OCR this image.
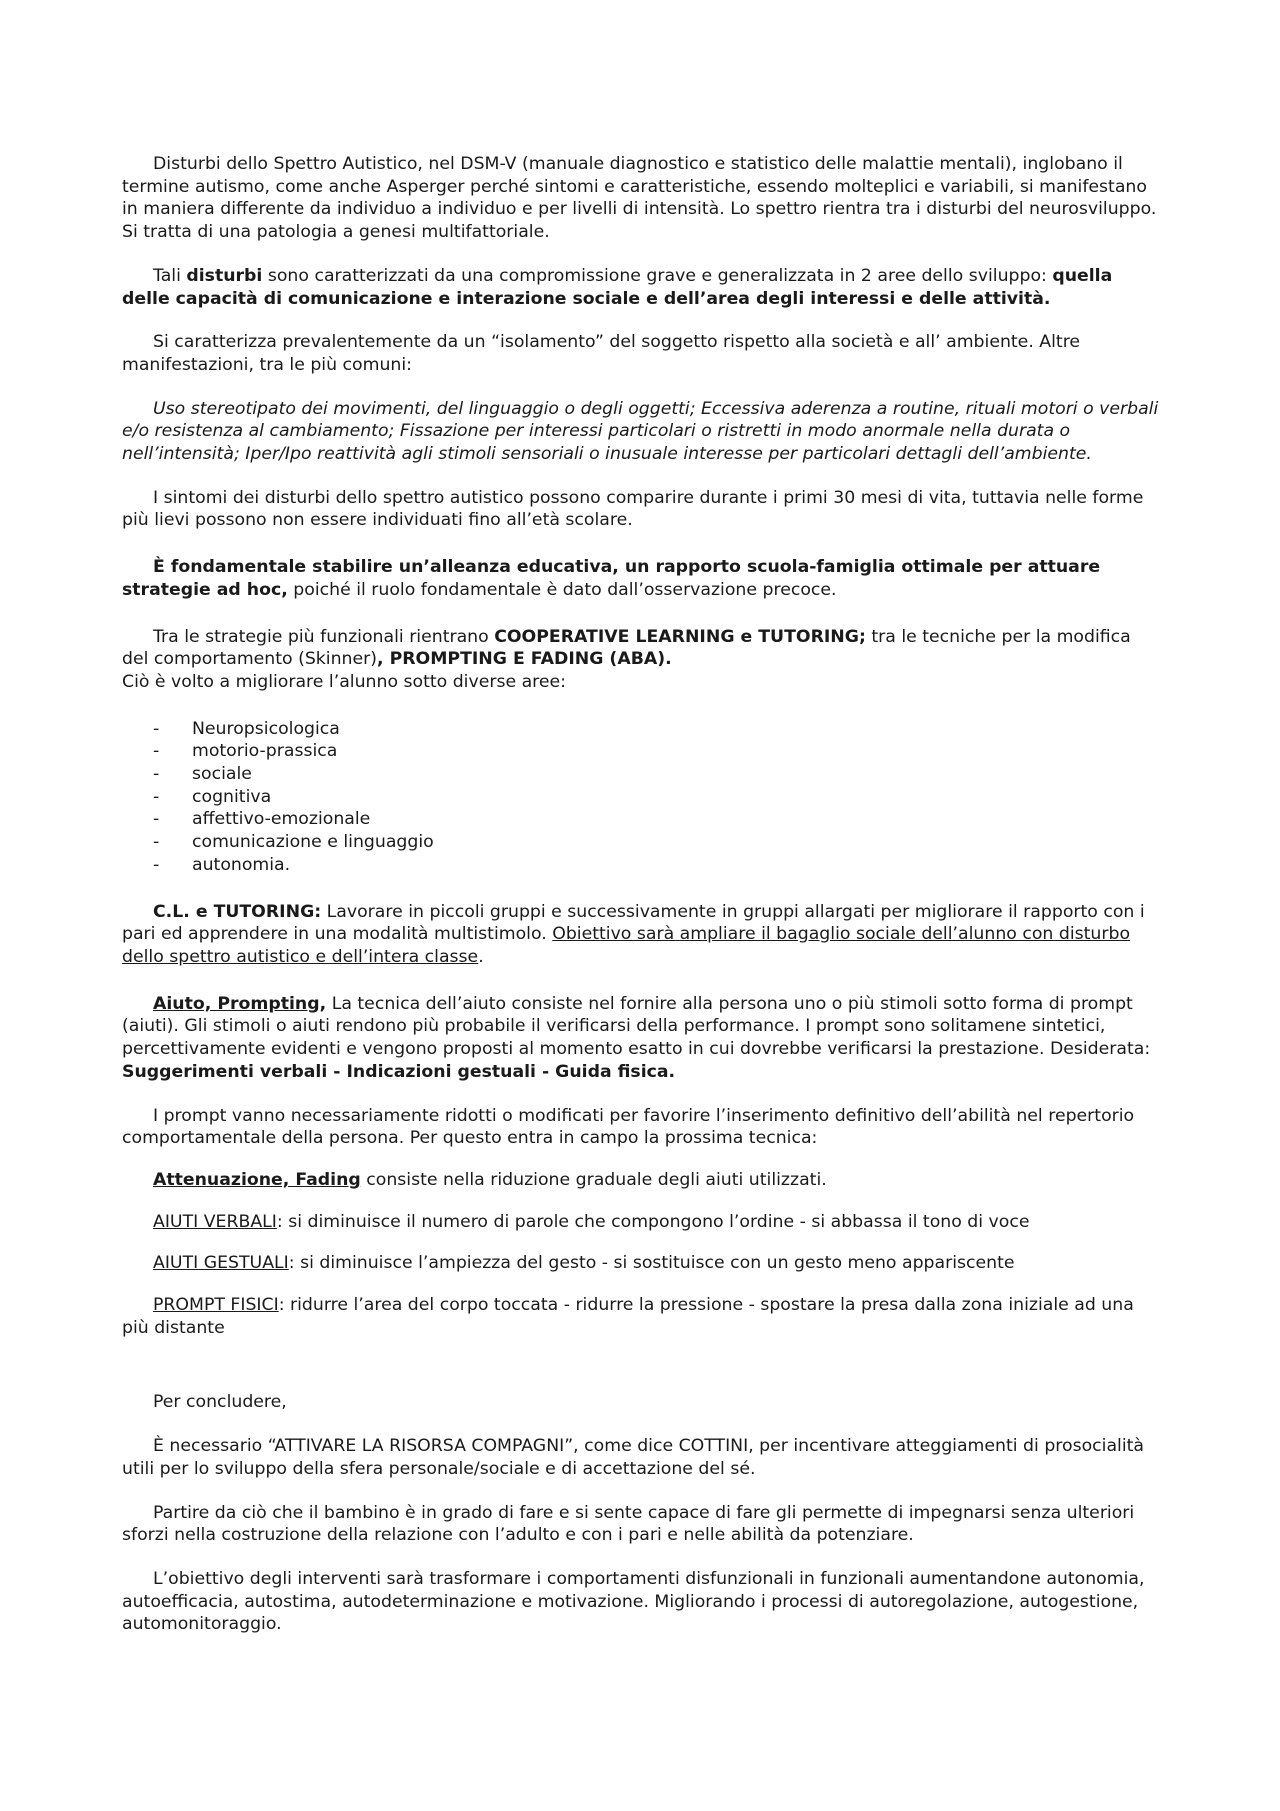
Disturbi dello Spettro Autistico, nel DSM-V (manuale diagnostico e statistico delle malattie mentali), inglobano il termine autismo, come anche Asperger perché sintomi e caratteristiche, essendo molteplici e variabili, si manifestano in maniera differente da individuo a individuo e per livelli di intensità. Lo spettro rientra tra i disturbi del neurosviluppo. Si tratta di una patologia a genesi multifattoriale.

Tali disturbi sono caratterizzati da una compromissione grave e generalizzata in 2 aree dello sviluppo: quella delle capacità di comunicazione e interazione sociale e dell’area degli interessi e delle attività.

Si caratterizza prevalentemente da un “isolamento” del soggetto rispetto alla società e all’ ambiente. Altre manifestazioni, tra le più comuni:

Uso stereotipato dei movimenti, del linguaggio o degli oggetti; Eccessiva aderenza a routine, rituali motori o verbali e/o resistenza al cambiamento; Fissazione per interessi particolari o ristretti in modo anormale nella durata o nell’intensità; Iper/Ipo reattività agli stimoli sensoriali o inusuale interesse per particolari dettagli dell’ambiente.

I sintomi dei disturbi dello spettro autistico possono comparire durante i primi 30 mesi di vita, tuttavia nelle forme più lievi possono non essere individuati fino all’età scolare.

È fondamentale stabilire un’alleanza educativa, un rapporto scuola-famiglia ottimale per attuare strategie ad hoc, poiché il ruolo fondamentale è dato dall’osservazione precoce.

Tra le strategie più funzionali rientrano COOPERATIVE LEARNING e TUTORING; tra le tecniche per la modifica del comportamento (Skinner), PROMPTING E FADING (ABA).

Ciò è volto a migliorare l’alunno sotto diverse aree:

- Neuropsicologica
- motorio-prassica
- sociale
- cognitiva
- affettivo-emozionale
- comunicazione e linguaggio
- autonomia.

C.L. e TUTORING: Lavorare in piccoli gruppi e successivamente in gruppi allargati per migliorare il rapporto con i pari ed apprendere in una modalità multistimolo. Obiettivo sarà ampliare il bagaglio sociale dell’alunno con disturbo dello spettro autistico e dell’intera classe.

Aiuto, Prompting, La tecnica dell’aiuto consiste nel fornire alla persona uno o più stimoli sotto forma di prompt (aiuti). Gli stimoli o aiuti rendono più probabile il verificarsi della performance. I prompt sono solitamene sintetici, percettivamente evidenti e vengono proposti al momento esatto in cui dovrebbe verificarsi la prestazione. Desiderata: Suggerimenti verbali - Indicazioni gestuali - Guida fisica.

I prompt vanno necessariamente ridotti o modificati per favorire l’inserimento definitivo dell’abilità nel repertorio comportamentale della persona. Per questo entra in campo la prossima tecnica:

Attenuazione, Fading consiste nella riduzione graduale degli aiuti utilizzati.

AIUTI VERBALI: si diminuisce il numero di parole che compongono l’ordine - si abbassa il tono di voce

AIUTI GESTUALI: si diminuisce l’ampiezza del gesto - si sostituisce con un gesto meno appariscente

PROMPT FISICI: ridurre l’area del corpo toccata - ridurre la pressione - spostare la presa dalla zona iniziale ad una più distante

Per concludere,

È necessario “ATTIVARE LA RISORSA COMPAGNI”, come dice COTTINI, per incentivare atteggiamenti di prosocialità utili per lo sviluppo della sfera personale/sociale e di accettazione del sé.

Partire da ciò che il bambino è in grado di fare e si sente capace di fare gli permette di impegnarsi senza ulteriori sforzi nella costruzione della relazione con l’adulto e con i pari e nelle abilità da potenziare.

L’obiettivo degli interventi sarà trasformare i comportamenti disfunzionali in funzionali aumentandone autonomia, autoefficacia, autostima, autodeterminazione e motivazione. Migliorando i processi di autoregolazione, autogestione, automonitoraggio.
